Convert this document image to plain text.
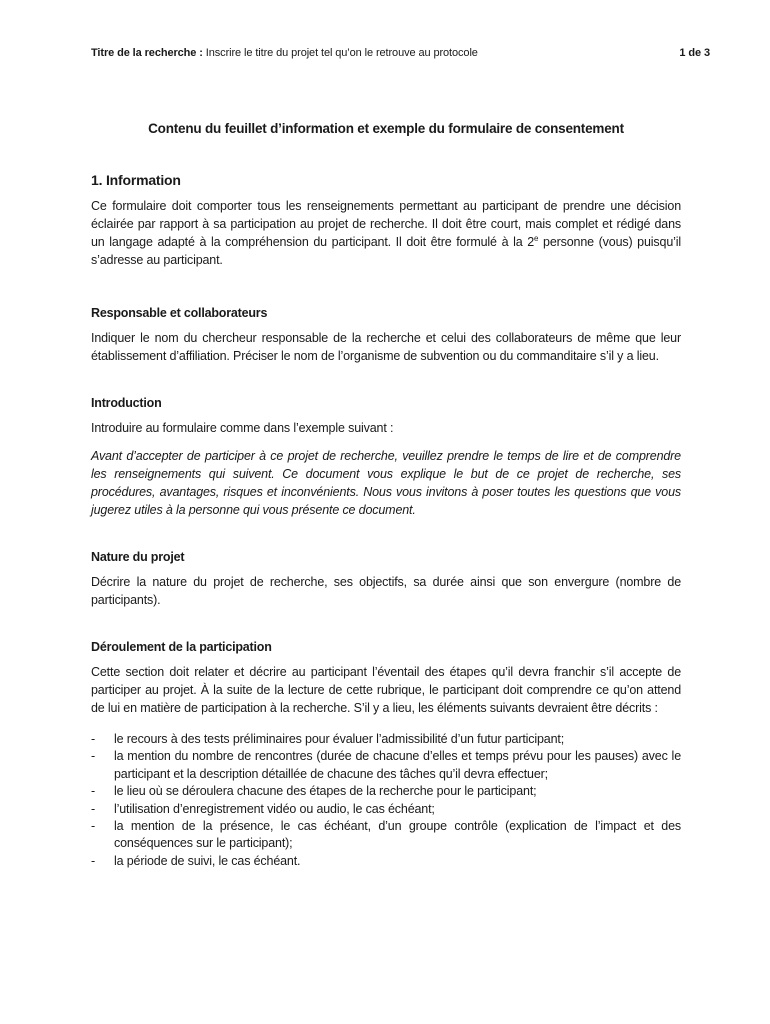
Titre de la recherche : Inscrire le titre du projet tel qu’on le retrouve au protocole	1 de 3
Contenu du feuillet d’information et exemple du formulaire de consentement
1. Information

Ce formulaire doit comporter tous les renseignements permettant au participant de prendre une décision éclairée par rapport à sa participation au projet de recherche. Il doit être court, mais complet et rédigé dans un langage adapté à la compréhension du participant. Il doit être formulé à la 2e personne (vous) puisqu’il s’adresse au participant.

Responsable et collaborateurs

Indiquer le nom du chercheur responsable de la recherche et celui des collaborateurs de même que leur établissement d’affiliation. Préciser le nom de l’organisme de subvention ou du commanditaire s’il y a lieu.

Introduction

Introduire au formulaire comme dans l’exemple suivant :

Avant d’accepter de participer à ce projet de recherche, veuillez prendre le temps de lire et de comprendre les renseignements qui suivent. Ce document vous explique le but de ce projet de recherche, ses procédures, avantages, risques et inconvénients. Nous vous invitons à poser toutes les questions que vous jugerez utiles à la personne qui vous présente ce document.

Nature du projet

Décrire la nature du projet de recherche, ses objectifs, sa durée ainsi que son envergure (nombre de participants).

Déroulement de la participation

Cette section doit relater et décrire au participant l’éventail des étapes qu’il devra franchir s’il accepte de participer au projet. À la suite de la lecture de cette rubrique, le participant doit comprendre ce qu’on attend de lui en matière de participation à la recherche. S’il y a lieu, les éléments suivants devraient être décrits :

- le recours à des tests préliminaires pour évaluer l’admissibilité d’un futur participant;
- la mention du nombre de rencontres (durée de chacune d’elles et temps prévu pour les pauses) avec le participant et la description détaillée de chacune des tâches qu’il devra effectuer;
- le lieu où se déroulera chacune des étapes de la recherche pour le participant;
- l’utilisation d’enregistrement vidéo ou audio, le cas échéant;
- la mention de la présence, le cas échéant, d’un groupe contrôle (explication de l’impact et des conséquences sur le participant);
- la période de suivi, le cas échéant.
